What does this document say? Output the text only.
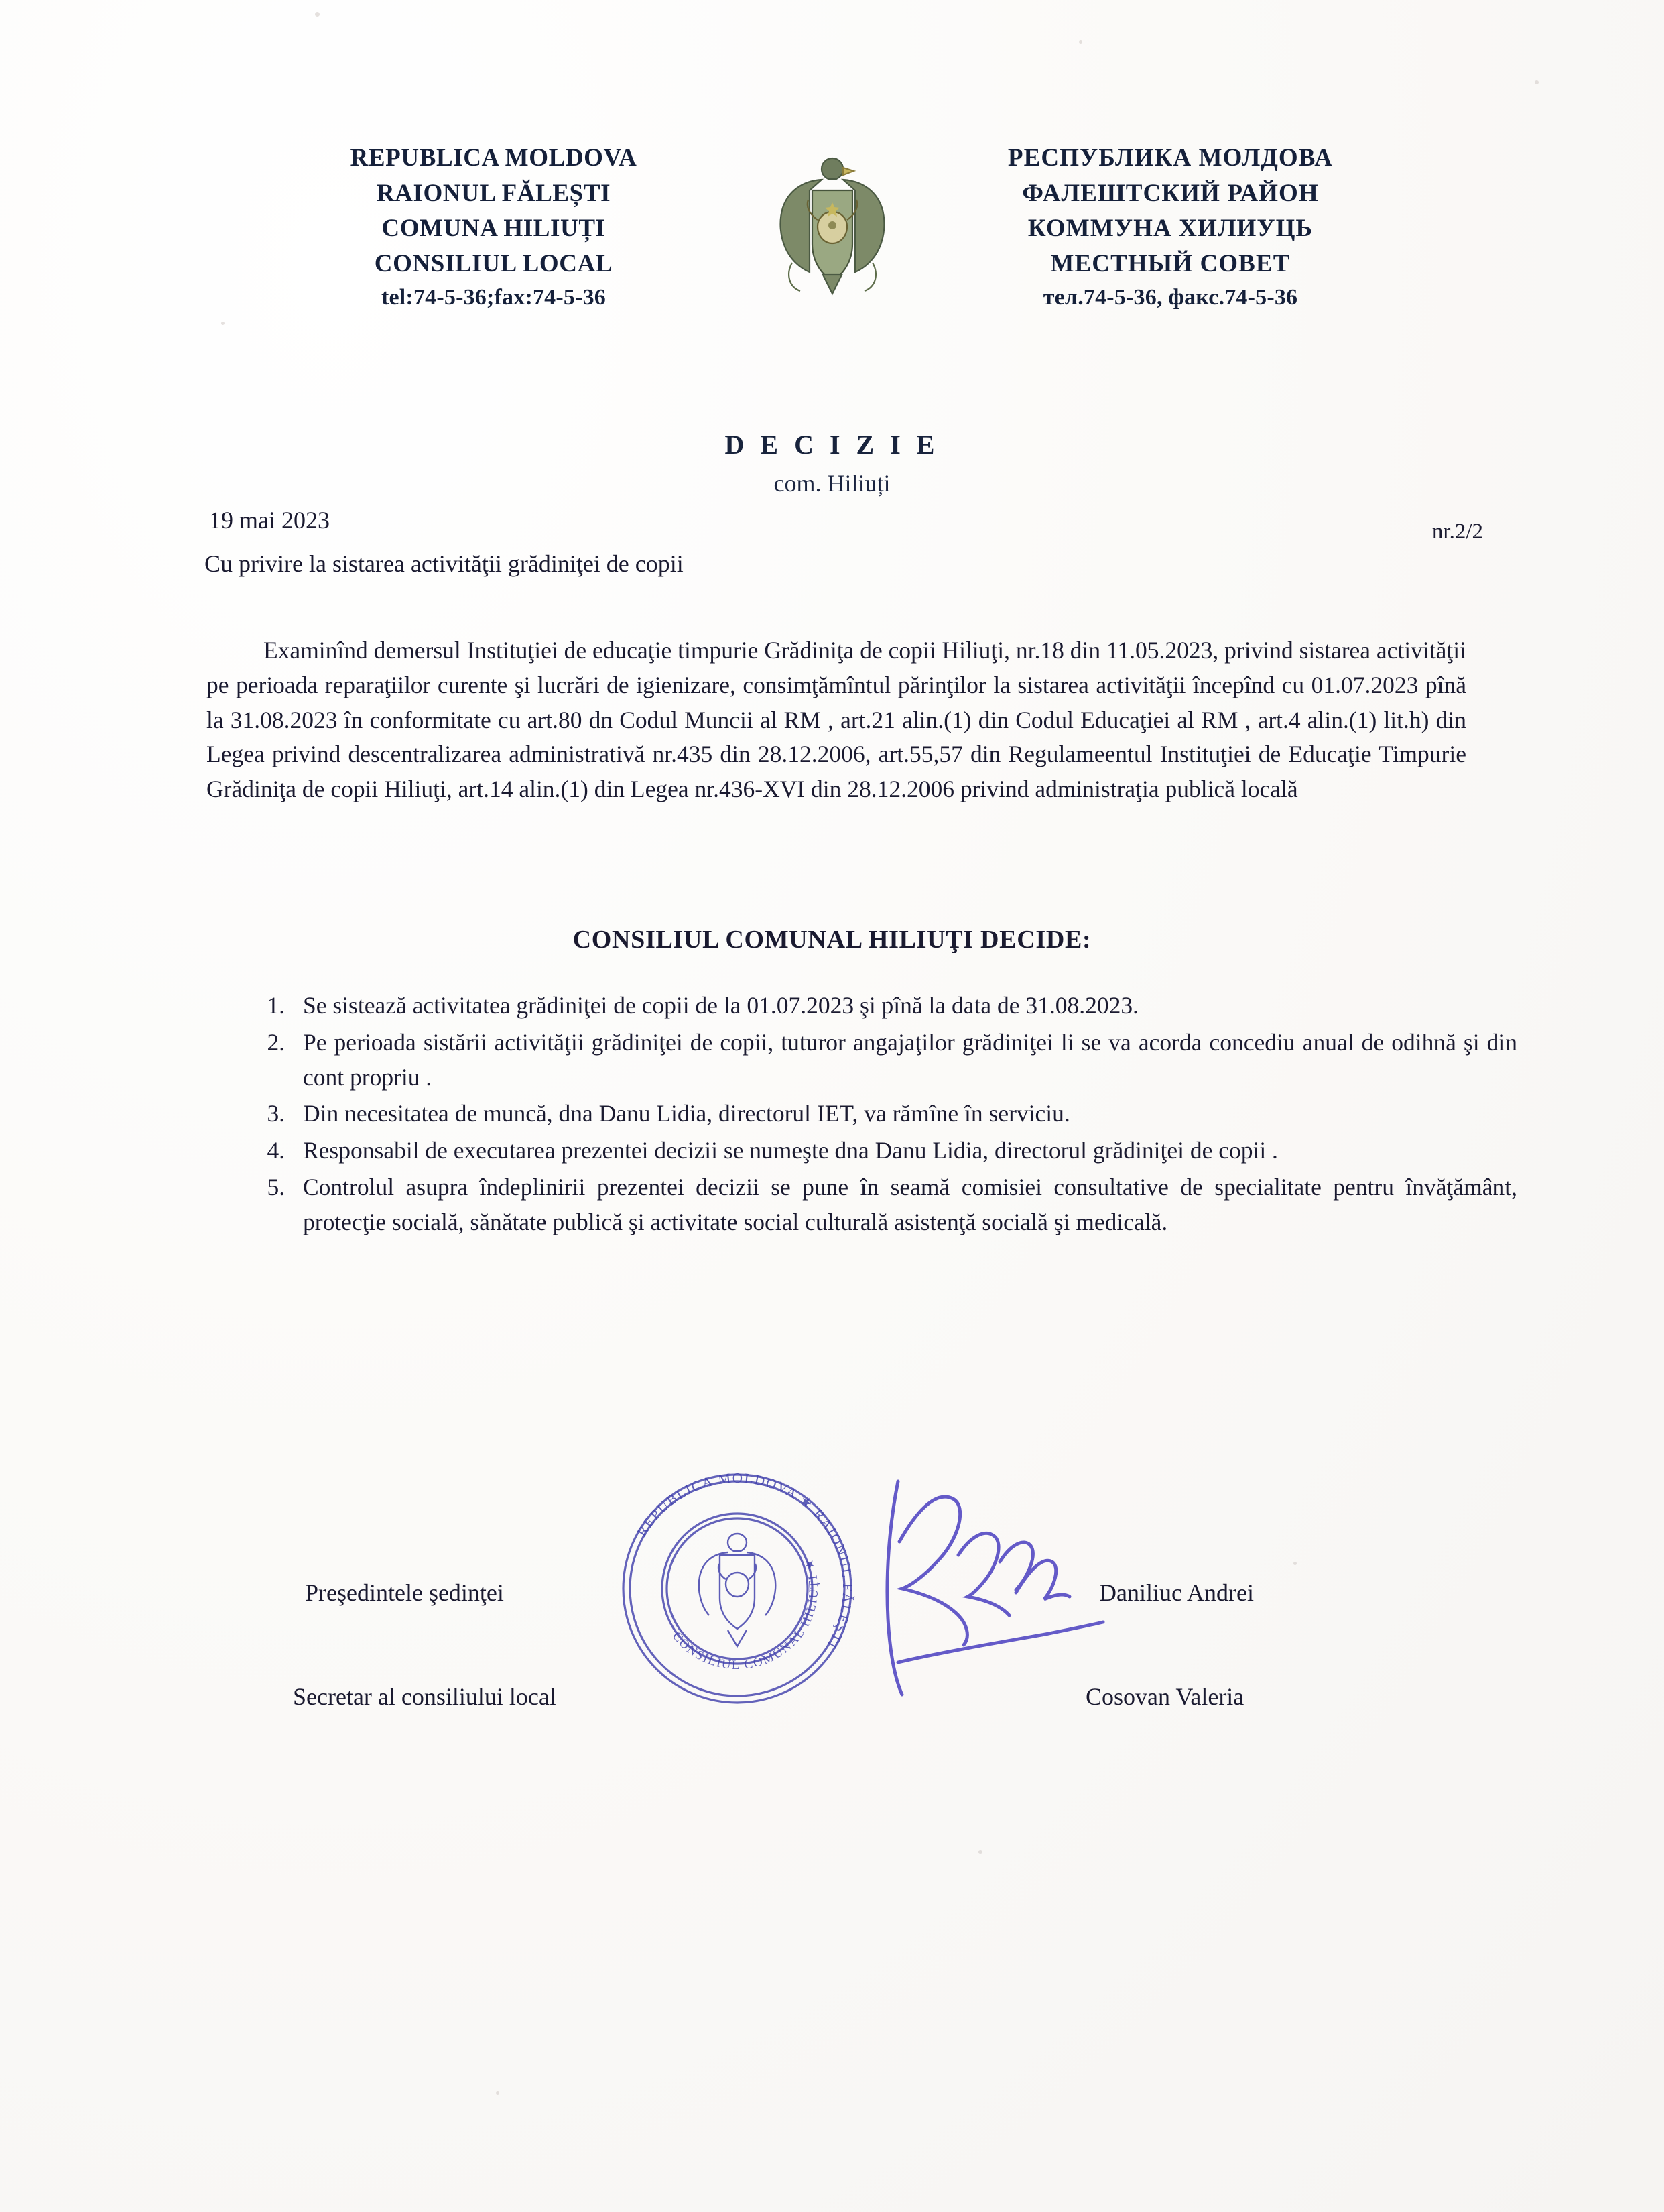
REPUBLICA MOLDOVA
RAIONUL FĂLEȘTI
COMUNA HILIUȚI
CONSILIUL LOCAL
tel:74-5-36;fax:74-5-36
РЕСПУБЛИКА МОЛДОВА
ФАЛЕШТСКИЙ РАЙОН
КОММУНА ХИЛИУЦЬ
МЕСТНЫЙ СОВЕТ
тел.74-5-36, факс.74-5-36
D E C I Z I E
com. Hiliuți
19 mai 2023	nr.2/2
Cu privire la sistarea activităţii grădiniţei de copii
Examinînd demersul Instituţiei de educaţie timpurie Grădiniţa de copii Hiliuţi, nr.18 din 11.05.2023, privind sistarea activităţii pe perioada reparaţiilor curente şi lucrări de igienizare, consimţămîntul părinţilor la sistarea activităţii începînd cu 01.07.2023 pînă la 31.08.2023 în conformitate cu art.80 dn Codul Muncii al RM , art.21 alin.(1) din Codul Educaţiei al RM , art.4 alin.(1) lit.h) din Legea privind descentralizarea administrativă nr.435 din 28.12.2006, art.55,57 din Regulameentul Instituţiei de Educaţie Timpurie Grădiniţa de copii Hiliuţi, art.14 alin.(1) din Legea nr.436-XVI din 28.12.2006 privind administraţia publică locală
CONSILIUL COMUNAL HILIUŢI DECIDE:
1. Se sistează activitatea grădiniţei de copii de la 01.07.2023 şi pînă la data de 31.08.2023.
2. Pe perioada sistării activităţii grădiniţei de copii, tuturor angajaţilor grădiniţei li se va acorda concediu anual de odihnă şi din cont propriu .
3. Din necesitatea de muncă, dna Danu Lidia, directorul IET, va rămîne în serviciu.
4. Responsabil de executarea prezentei decizii se numeşte dna Danu Lidia, directorul grădiniţei de copii .
5. Controlul asupra îndeplinirii prezentei decizii se pune în seamă comisiei consultative de specialitate pentru învăţământ, protecţie socială, sănătate publică şi activitate social culturală asistenţă socială şi medicală.
REPUBLICA MOLDOVA ★ RAIONUL FĂLEŞTI
CONSILIUL COMUNAL HILIUŢI ★
Preşedintele şedinţei	Daniliuc Andrei
Secretar al consiliului local	Cosovan Valeria
